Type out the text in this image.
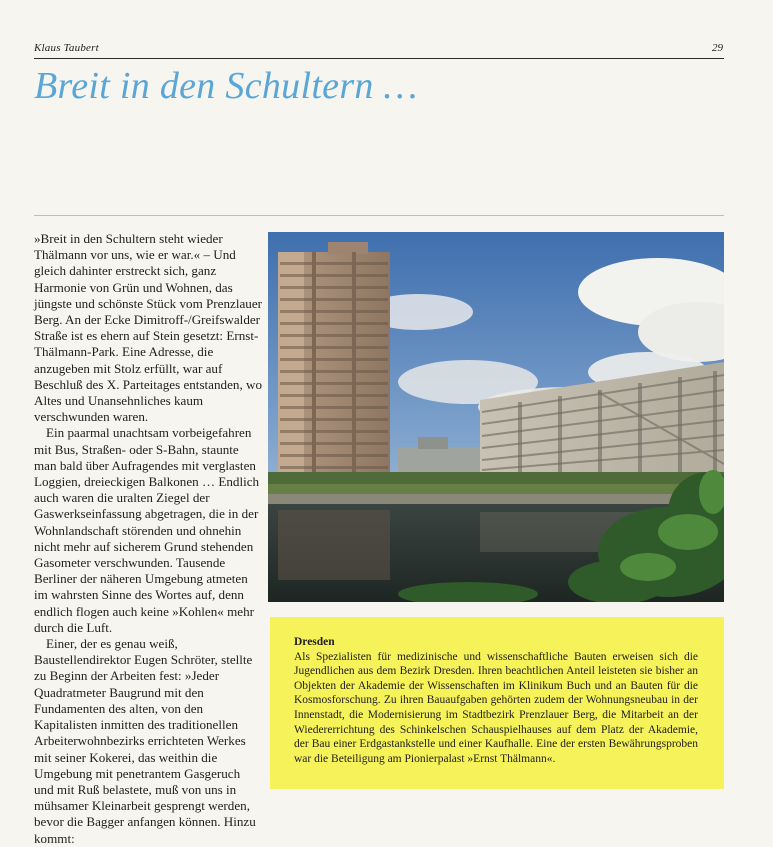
Klaus Taubert	29
Breit in den Schultern …

»Breit in den Schultern steht wieder Thälmann vor uns, wie er war.« – Und gleich dahinter erstreckt sich, ganz Harmonie von Grün und Wohnen, das jüngste und schönste Stück vom Prenzlauer Berg. An der Ecke Dimitroff-/Greifswalder Straße ist es ehern auf Stein gesetzt: Ernst-Thälmann-Park. Eine Adresse, die anzugeben mit Stolz erfüllt, war auf Beschluß des X. Parteitages entstanden, wo Altes und Unansehnliches kaum verschwunden waren.

Ein paarmal unachtsam vorbeigefahren mit Bus, Straßen- oder S-Bahn, staunte man bald über Aufragendes mit verglasten Loggien, dreieckigen Balkonen … Endlich auch waren die uralten Ziegel der Gaswerkseinfassung abgetragen, die in der Wohnlandschaft störenden und ohnehin nicht mehr auf sicherem Grund stehenden Gasometer verschwunden. Tausende Berliner der näheren Umgebung atmeten im wahrsten Sinne des Wortes auf, denn endlich flogen auch keine »Kohlen« mehr durch die Luft.

Einer, der es genau weiß, Baustellendirektor Eugen Schröter, stellte zu Beginn der Arbeiten fest: »Jeder Quadratmeter Baugrund mit den Fundamenten des alten, von den Kapitalisten inmitten des traditionellen Arbeiterwohnbezirks errichteten Werkes mit seiner Kokerei, das weithin die Umgebung mit penetrantem Gasgeruch und mit Ruß belastete, muß von uns in mühsamer Kleinarbeit gesprengt werden, bevor die Bagger anfangen können. Hinzu kommt:

Dresden
Als Spezialisten für medizinische und wissenschaftliche Bauten erweisen sich die Jugendlichen aus dem Bezirk Dresden. Ihren beachtlichen Anteil leisteten sie bisher an Objekten der Akademie der Wissenschaften im Klinikum Buch und an Bauten für die Kosmosforschung. Zu ihren Bauaufgaben gehörten zudem der Wohnungsneubau in der Innenstadt, die Modernisierung im Stadtbezirk Prenzlauer Berg, die Mitarbeit an der Wiedererrichtung des Schinkelschen Schauspielhauses auf dem Platz der Akademie, der Bau einer Erdgastankstelle und einer Kaufhalle. Eine der ersten Bewährungsproben war die Beteiligung am Pionierpalast »Ernst Thälmann«.
